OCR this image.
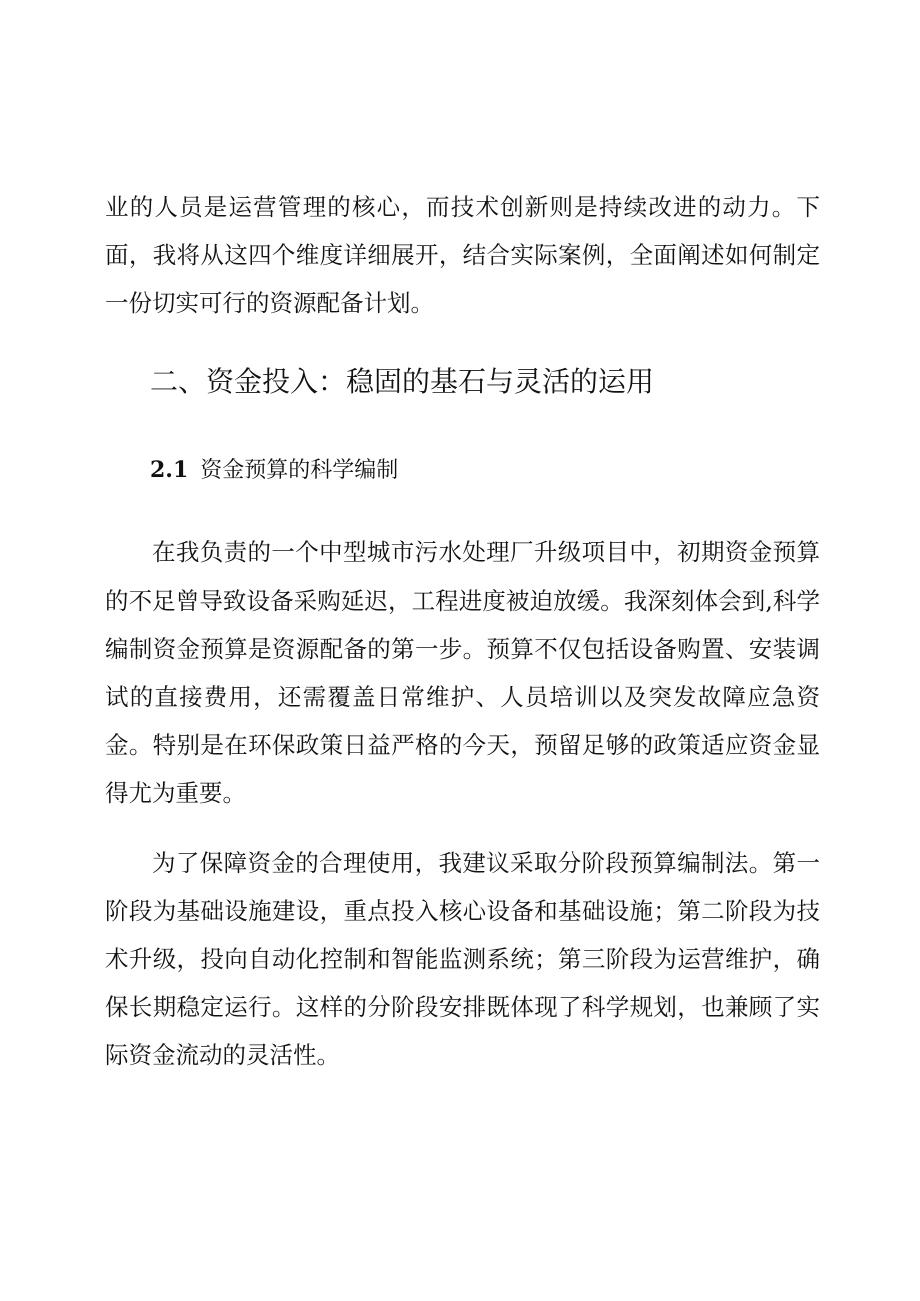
业的人员是运营管理的核心，而技术创新则是持续改进的动力。下
面，我将从这四个维度详细展开，结合实际案例，全面阐述如何制定
一份切实可行的资源配备计划。
二、资金投入：稳固的基石与灵活的运用
2.1 资金预算的科学编制
在我负责的一个中型城市污水处理厂升级项目中，初期资金预算
的不足曾导致设备采购延迟，工程进度被迫放缓。我深刻体会到,科学
编制资金预算是资源配备的第一步。预算不仅包括设备购置、安装调
试的直接费用，还需覆盖日常维护、人员培训以及突发故障应急资
金。特别是在环保政策日益严格的今天，预留足够的政策适应资金显
得尤为重要。
为了保障资金的合理使用，我建议采取分阶段预算编制法。第一
阶段为基础设施建设，重点投入核心设备和基础设施；第二阶段为技
术升级，投向自动化控制和智能监测系统；第三阶段为运营维护，确
保长期稳定运行。这样的分阶段安排既体现了科学规划，也兼顾了实
际资金流动的灵活性。
